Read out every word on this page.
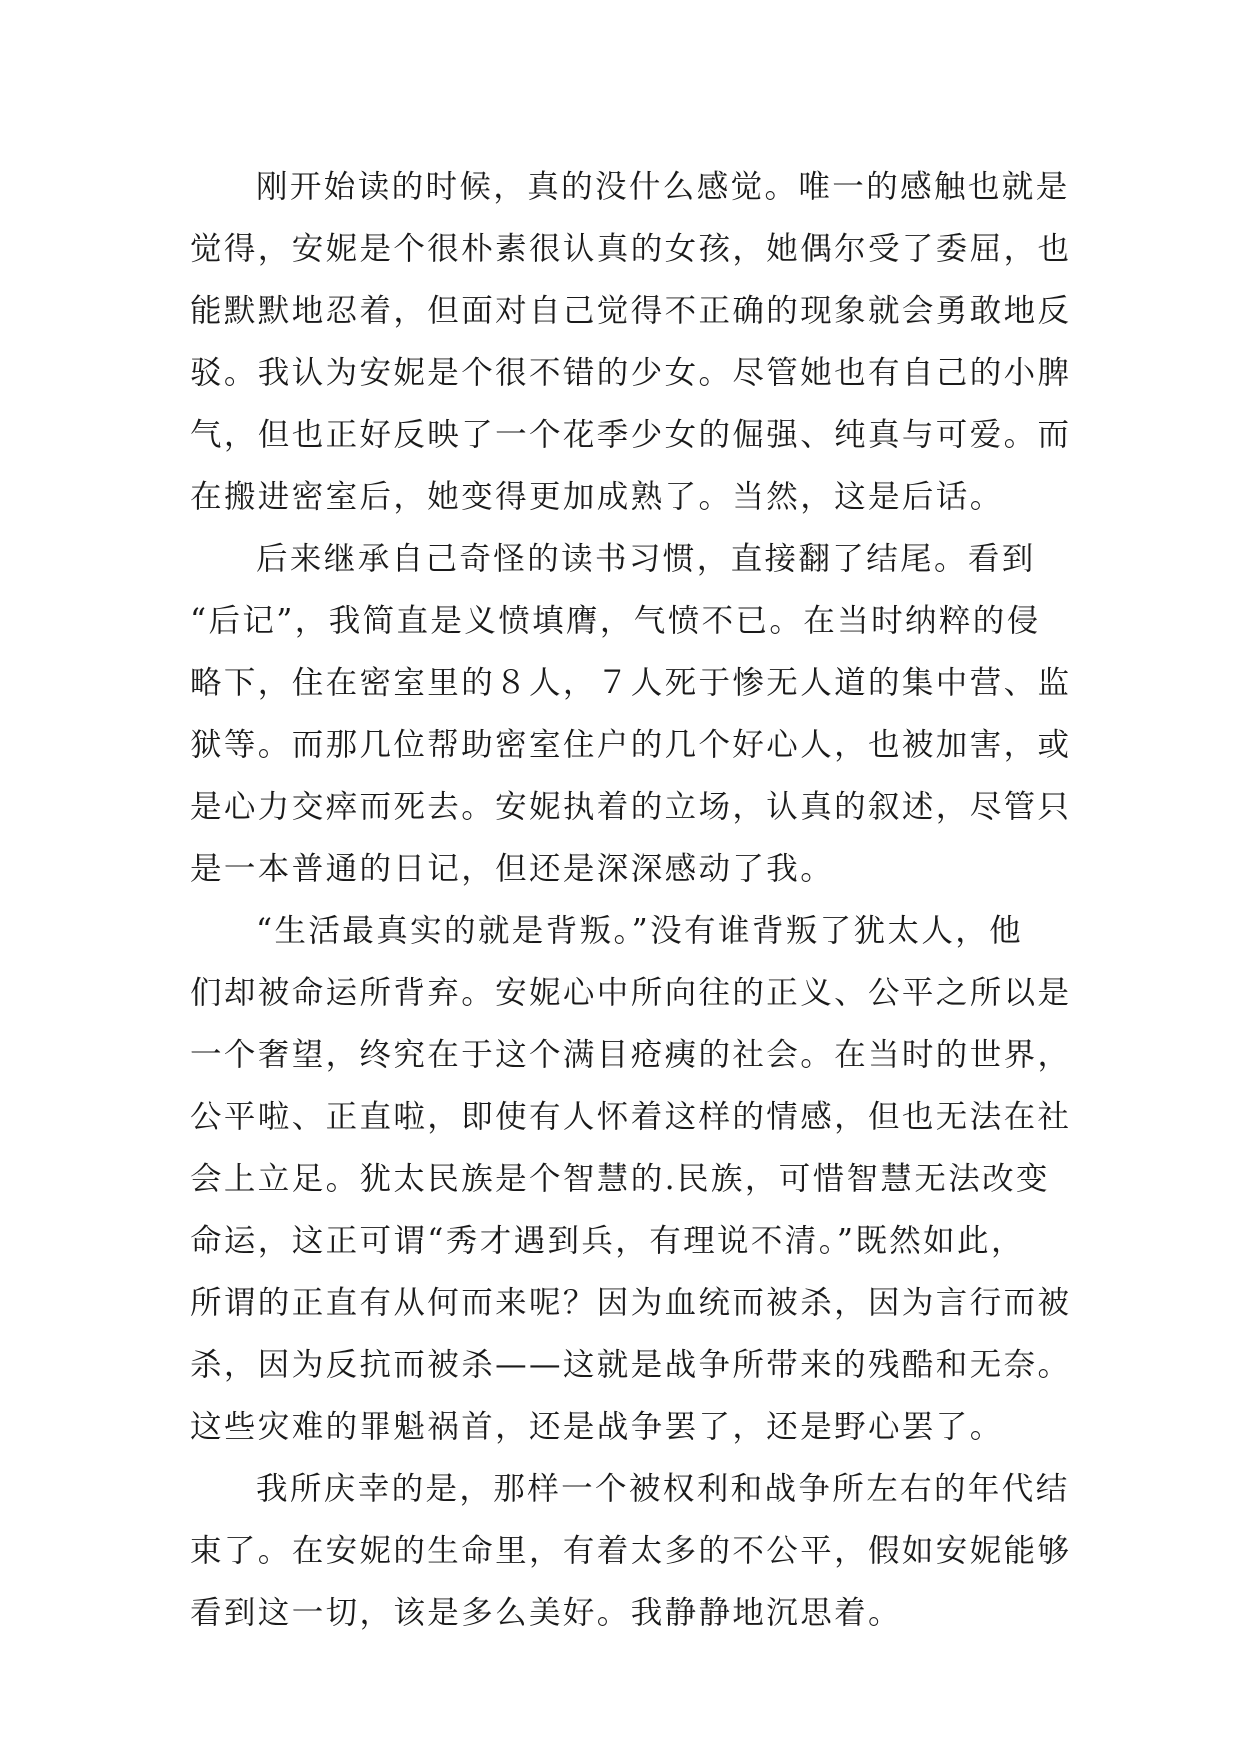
刚开始读的时候，真的没什么感觉。唯一的感触也就是
觉得，安妮是个很朴素很认真的女孩，她偶尔受了委屈，也
能默默地忍着，但面对自己觉得不正确的现象就会勇敢地反
驳。我认为安妮是个很不错的少女。尽管她也有自己的小脾
气，但也正好反映了一个花季少女的倔强、纯真与可爱。而
在搬进密室后，她变得更加成熟了。当然，这是后话。
后来继承自己奇怪的读书习惯，直接翻了结尾。看到
“后记”，我简直是义愤填膺，气愤不已。在当时纳粹的侵
略下，住在密室里的８人，７人死于惨无人道的集中营、监
狱等。而那几位帮助密室住户的几个好心人，也被加害，或
是心力交瘁而死去。安妮执着的立场，认真的叙述，尽管只
是一本普通的日记，但还是深深感动了我。
“生活最真实的就是背叛。”没有谁背叛了犹太人，他
们却被命运所背弃。安妮心中所向往的正义、公平之所以是
一个奢望，终究在于这个满目疮痍的社会。在当时的世界，
公平啦、正直啦，即使有人怀着这样的情感，但也无法在社
会上立足。犹太民族是个智慧的.民族，可惜智慧无法改变
命运，这正可谓“秀才遇到兵，有理说不清。”既然如此，
所谓的正直有从何而来呢？因为血统而被杀，因为言行而被
杀，因为反抗而被杀——这就是战争所带来的残酷和无奈。
这些灾难的罪魁祸首，还是战争罢了，还是野心罢了。
我所庆幸的是，那样一个被权利和战争所左右的年代结
束了。在安妮的生命里，有着太多的不公平，假如安妮能够
看到这一切，该是多么美好。我静静地沉思着。
